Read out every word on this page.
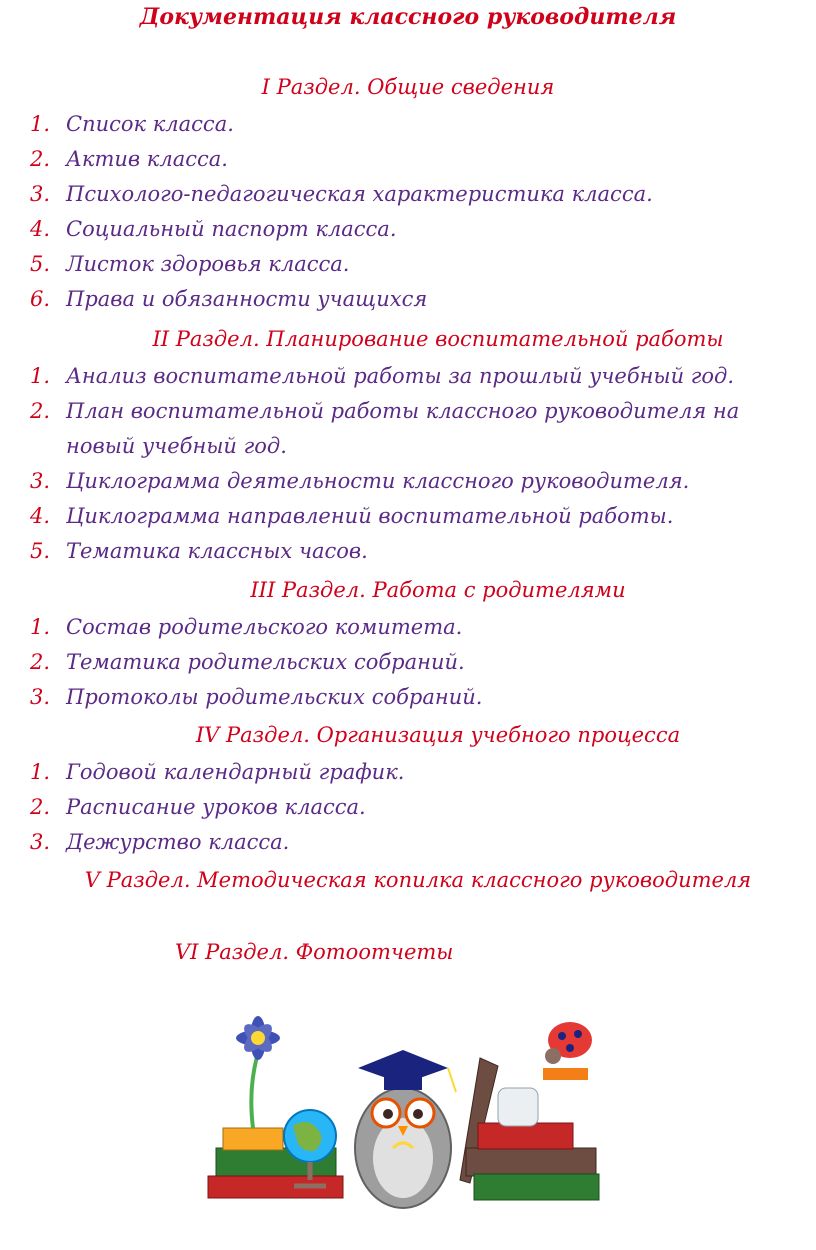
Документация классного руководителя
I Раздел. Общие сведения
1. Список класса.
2. Актив класса.
3. Психолого-педагогическая характеристика класса.
4. Социальный паспорт класса.
5. Листок здоровья класса.
6. Права и обязанности учащихся
II Раздел. Планирование воспитательной работы
1. Анализ воспитательной работы за прошлый учебный год.
2. План воспитательной работы классного руководителя на новый учебный год.
3. Циклограмма деятельности классного руководителя.
4. Циклограмма направлений воспитательной работы.
5. Тематика классных часов.
III Раздел. Работа с родителями
1. Состав родительского комитета.
2. Тематика родительских собраний.
3. Протоколы родительских собраний.
IV Раздел. Организация учебного процесса
1. Годовой календарный график.
2. Расписание уроков класса.
3. Дежурство класса.
V Раздел. Методическая копилка классного руководителя
VI Раздел. Фотоотчеты
